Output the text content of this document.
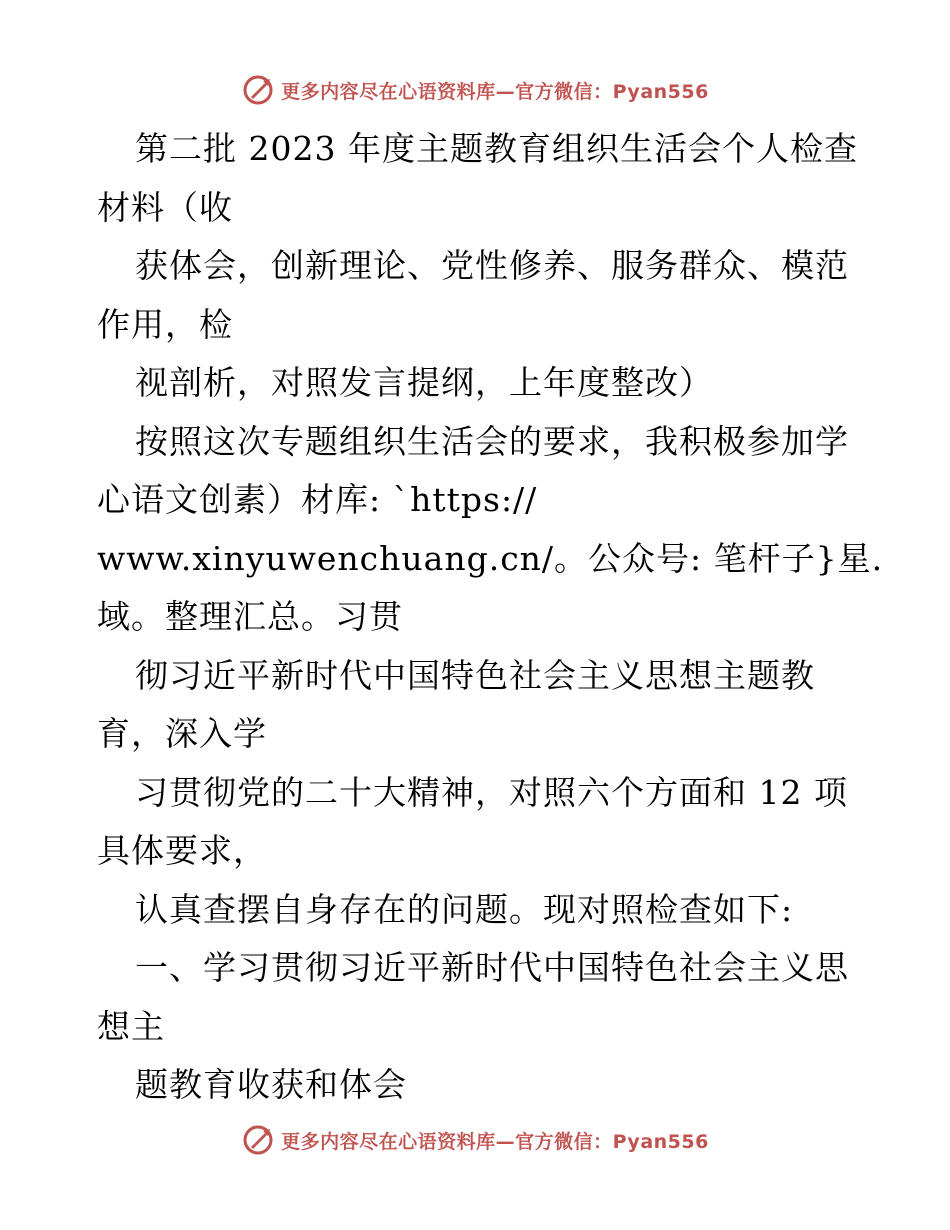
更多内容尽在心语资料库—官方微信：Pyan556
第二批 2023 年度主题教育组织生活会个人检查
材料（收
获体会，创新理论、党性修养、服务群众、模范
作用，检
视剖析，对照发言提纲，上年度整改）
按照这次专题组织生活会的要求，我积极参加学
心语文创素）材库: `https://
www.xinyuwenchuang.cn/。公众号: 笔杆子}星.
域。整理汇总。习贯
彻习近平新时代中国特色社会主义思想主题教
育，深入学
习贯彻党的二十大精神，对照六个方面和 12 项
具体要求，
认真查摆自身存在的问题。现对照检查如下:
一、学习贯彻习近平新时代中国特色社会主义思
想主
题教育收获和体会
更多内容尽在心语资料库—官方微信：Pyan556
